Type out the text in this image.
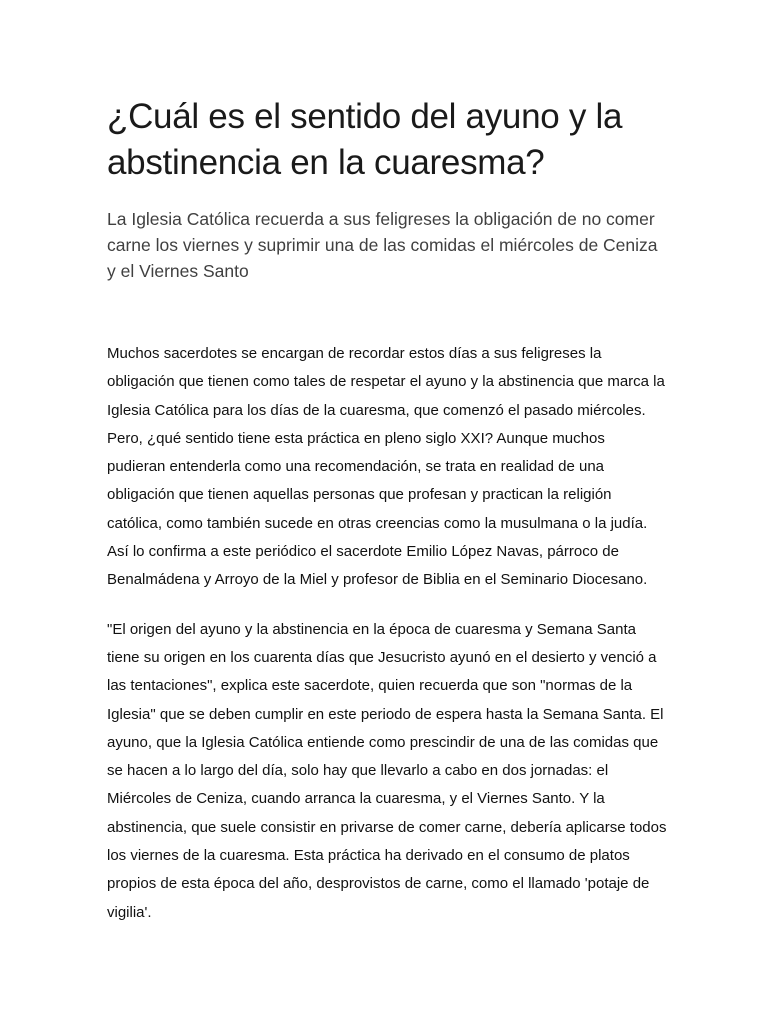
¿Cuál es el sentido del ayuno y la abstinencia en la cuaresma?

La Iglesia Católica recuerda a sus feligreses la obligación de no comer carne los viernes y suprimir una de las comidas el miércoles de Ceniza y el Viernes Santo

Muchos sacerdotes se encargan de recordar estos días a sus feligreses la obligación que tienen como tales de respetar el ayuno y la abstinencia que marca la Iglesia Católica para los días de la cuaresma, que comenzó el pasado miércoles. Pero, ¿qué sentido tiene esta práctica en pleno siglo XXI? Aunque muchos pudieran entenderla como una recomendación, se trata en realidad de una obligación que tienen aquellas personas que profesan y practican la religión católica, como también sucede en otras creencias como la musulmana o la judía. Así lo confirma a este periódico el sacerdote Emilio López Navas, párroco de Benalmádena y Arroyo de la Miel y profesor de Biblia en el Seminario Diocesano.

"El origen del ayuno y la abstinencia en la época de cuaresma y Semana Santa tiene su origen en los cuarenta días que Jesucristo ayunó en el desierto y venció a las tentaciones", explica este sacerdote, quien recuerda que son "normas de la Iglesia" que se deben cumplir en este periodo de espera hasta la Semana Santa. El ayuno, que la Iglesia Católica entiende como prescindir de una de las comidas que se hacen a lo largo del día, solo hay que llevarlo a cabo en dos jornadas: el Miércoles de Ceniza, cuando arranca la cuaresma, y el Viernes Santo. Y la abstinencia, que suele consistir en privarse de comer carne, debería aplicarse todos los viernes de la cuaresma. Esta práctica ha derivado en el consumo de platos propios de esta época del año, desprovistos de carne, como el llamado 'potaje de vigilia'.
